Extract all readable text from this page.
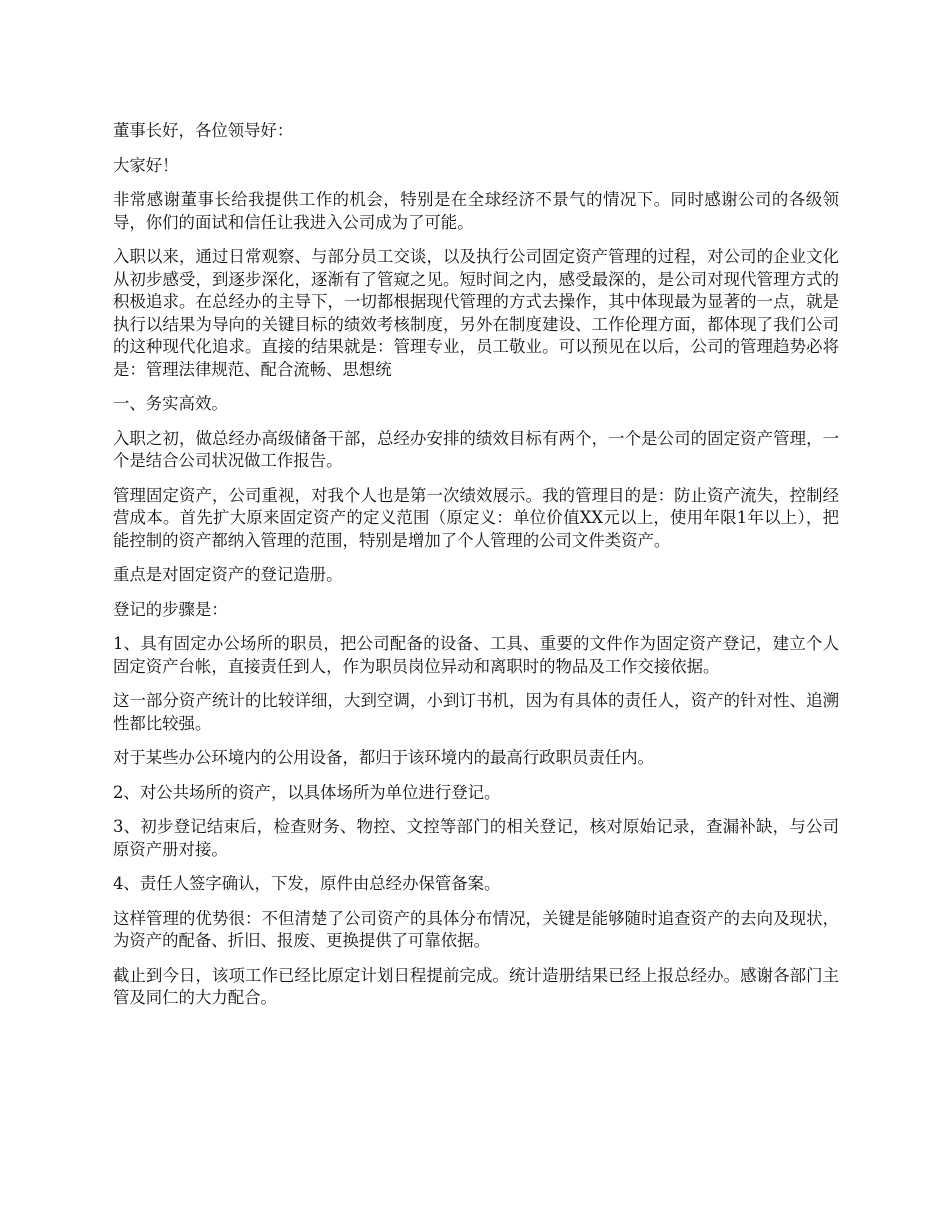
董事长好，各位领导好：

大家好！

非常感谢董事长给我提供工作的机会，特别是在全球经济不景气的情况下。同时感谢公司的各级领导，你们的面试和信任让我进入公司成为了可能。

入职以来，通过日常观察、与部分员工交谈，以及执行公司固定资产管理的过程，对公司的企业文化从初步感受，到逐步深化，逐渐有了管窥之见。短时间之内，感受最深的，是公司对现代管理方式的积极追求。在总经办的主导下，一切都根据现代管理的方式去操作，其中体现最为显著的一点，就是执行以结果为导向的关键目标的绩效考核制度，另外在制度建设、工作伦理方面，都体现了我们公司的这种现代化追求。直接的结果就是：管理专业，员工敬业。可以预见在以后，公司的管理趋势必将是：管理法律规范、配合流畅、思想统

一、务实高效。

入职之初，做总经办高级储备干部，总经办安排的绩效目标有两个，一个是公司的固定资产管理，一个是结合公司状况做工作报告。

管理固定资产，公司重视，对我个人也是第一次绩效展示。我的管理目的是：防止资产流失，控制经营成本。首先扩大原来固定资产的定义范围（原定义：单位价值XX元以上，使用年限1年以上），把能控制的资产都纳入管理的范围，特别是增加了个人管理的公司文件类资产。

重点是对固定资产的登记造册。

登记的步骤是：

1、具有固定办公场所的职员，把公司配备的设备、工具、重要的文件作为固定资产登记，建立个人固定资产台帐，直接责任到人，作为职员岗位异动和离职时的物品及工作交接依据。

这一部分资产统计的比较详细，大到空调，小到订书机，因为有具体的责任人，资产的针对性、追溯性都比较强。

对于某些办公环境内的公用设备，都归于该环境内的最高行政职员责任内。

2、对公共场所的资产，以具体场所为单位进行登记。

3、初步登记结束后，检查财务、物控、文控等部门的相关登记，核对原始记录，查漏补缺，与公司原资产册对接。

4、责任人签字确认，下发，原件由总经办保管备案。

这样管理的优势很：不但清楚了公司资产的具体分布情况，关键是能够随时追查资产的去向及现状，为资产的配备、折旧、报废、更换提供了可靠依据。

截止到今日，该项工作已经比原定计划日程提前完成。统计造册结果已经上报总经办。感谢各部门主管及同仁的大力配合。
